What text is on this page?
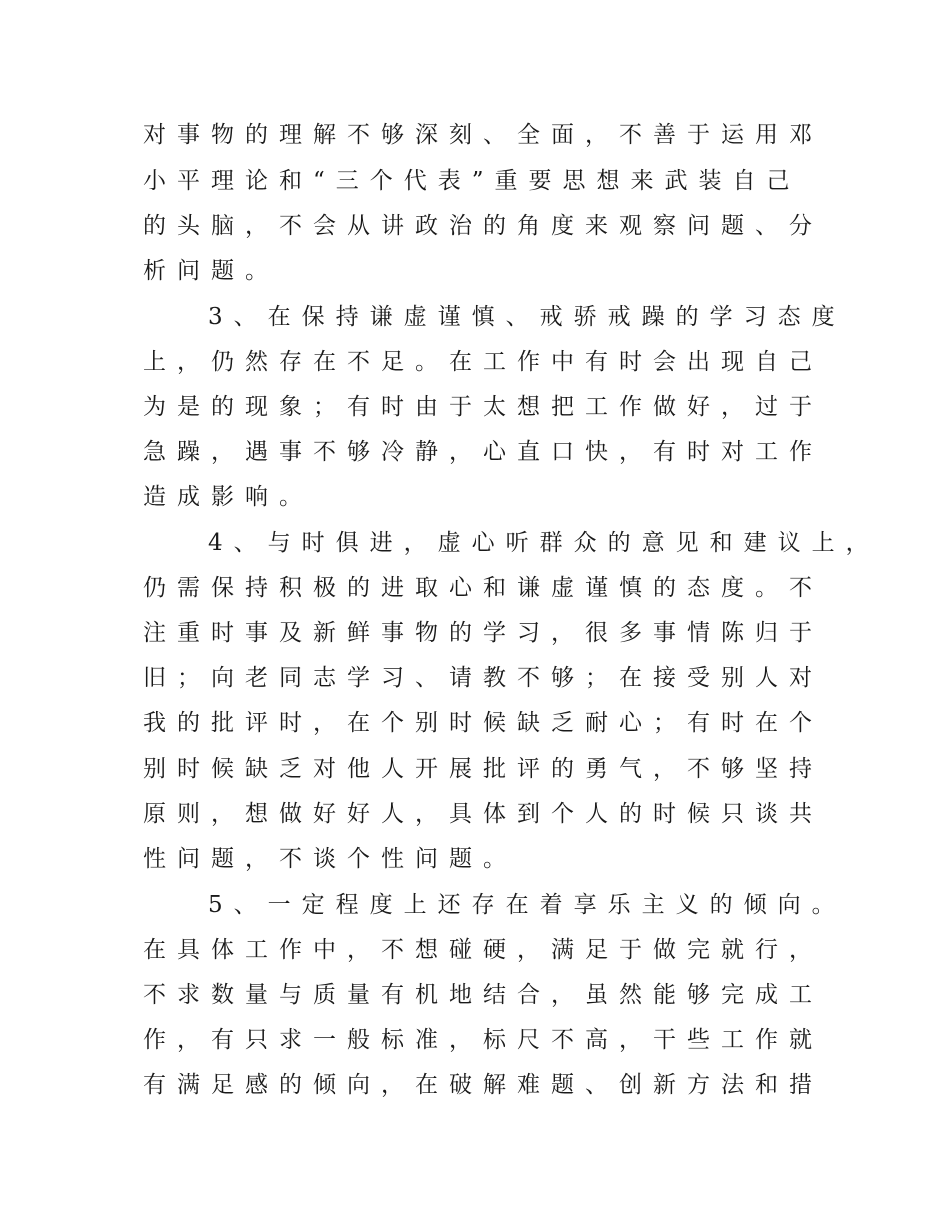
对事物的理解不够深刻、全面，不善于运用邓
小平理论和“三个代表”重要思想来武装自己
的头脑，不会从讲政治的角度来观察问题、分
析问题。
3、在保持谦虚谨慎、戒骄戒躁的学习态度
上，仍然存在不足。在工作中有时会出现自己
为是的现象；有时由于太想把工作做好，过于
急躁，遇事不够冷静，心直口快，有时对工作
造成影响。
4、与时俱进，虚心听群众的意见和建议上，
仍需保持积极的进取心和谦虚谨慎的态度。不
注重时事及新鲜事物的学习，很多事情陈归于
旧；向老同志学习、请教不够；在接受别人对
我的批评时，在个别时候缺乏耐心；有时在个
别时候缺乏对他人开展批评的勇气，不够坚持
原则，想做好好人，具体到个人的时候只谈共
性问题，不谈个性问题。
5、一定程度上还存在着享乐主义的倾向。
在具体工作中，不想碰硬，满足于做完就行，
不求数量与质量有机地结合，虽然能够完成工
作，有只求一般标准，标尺不高，干些工作就
有满足感的倾向，在破解难题、创新方法和措
